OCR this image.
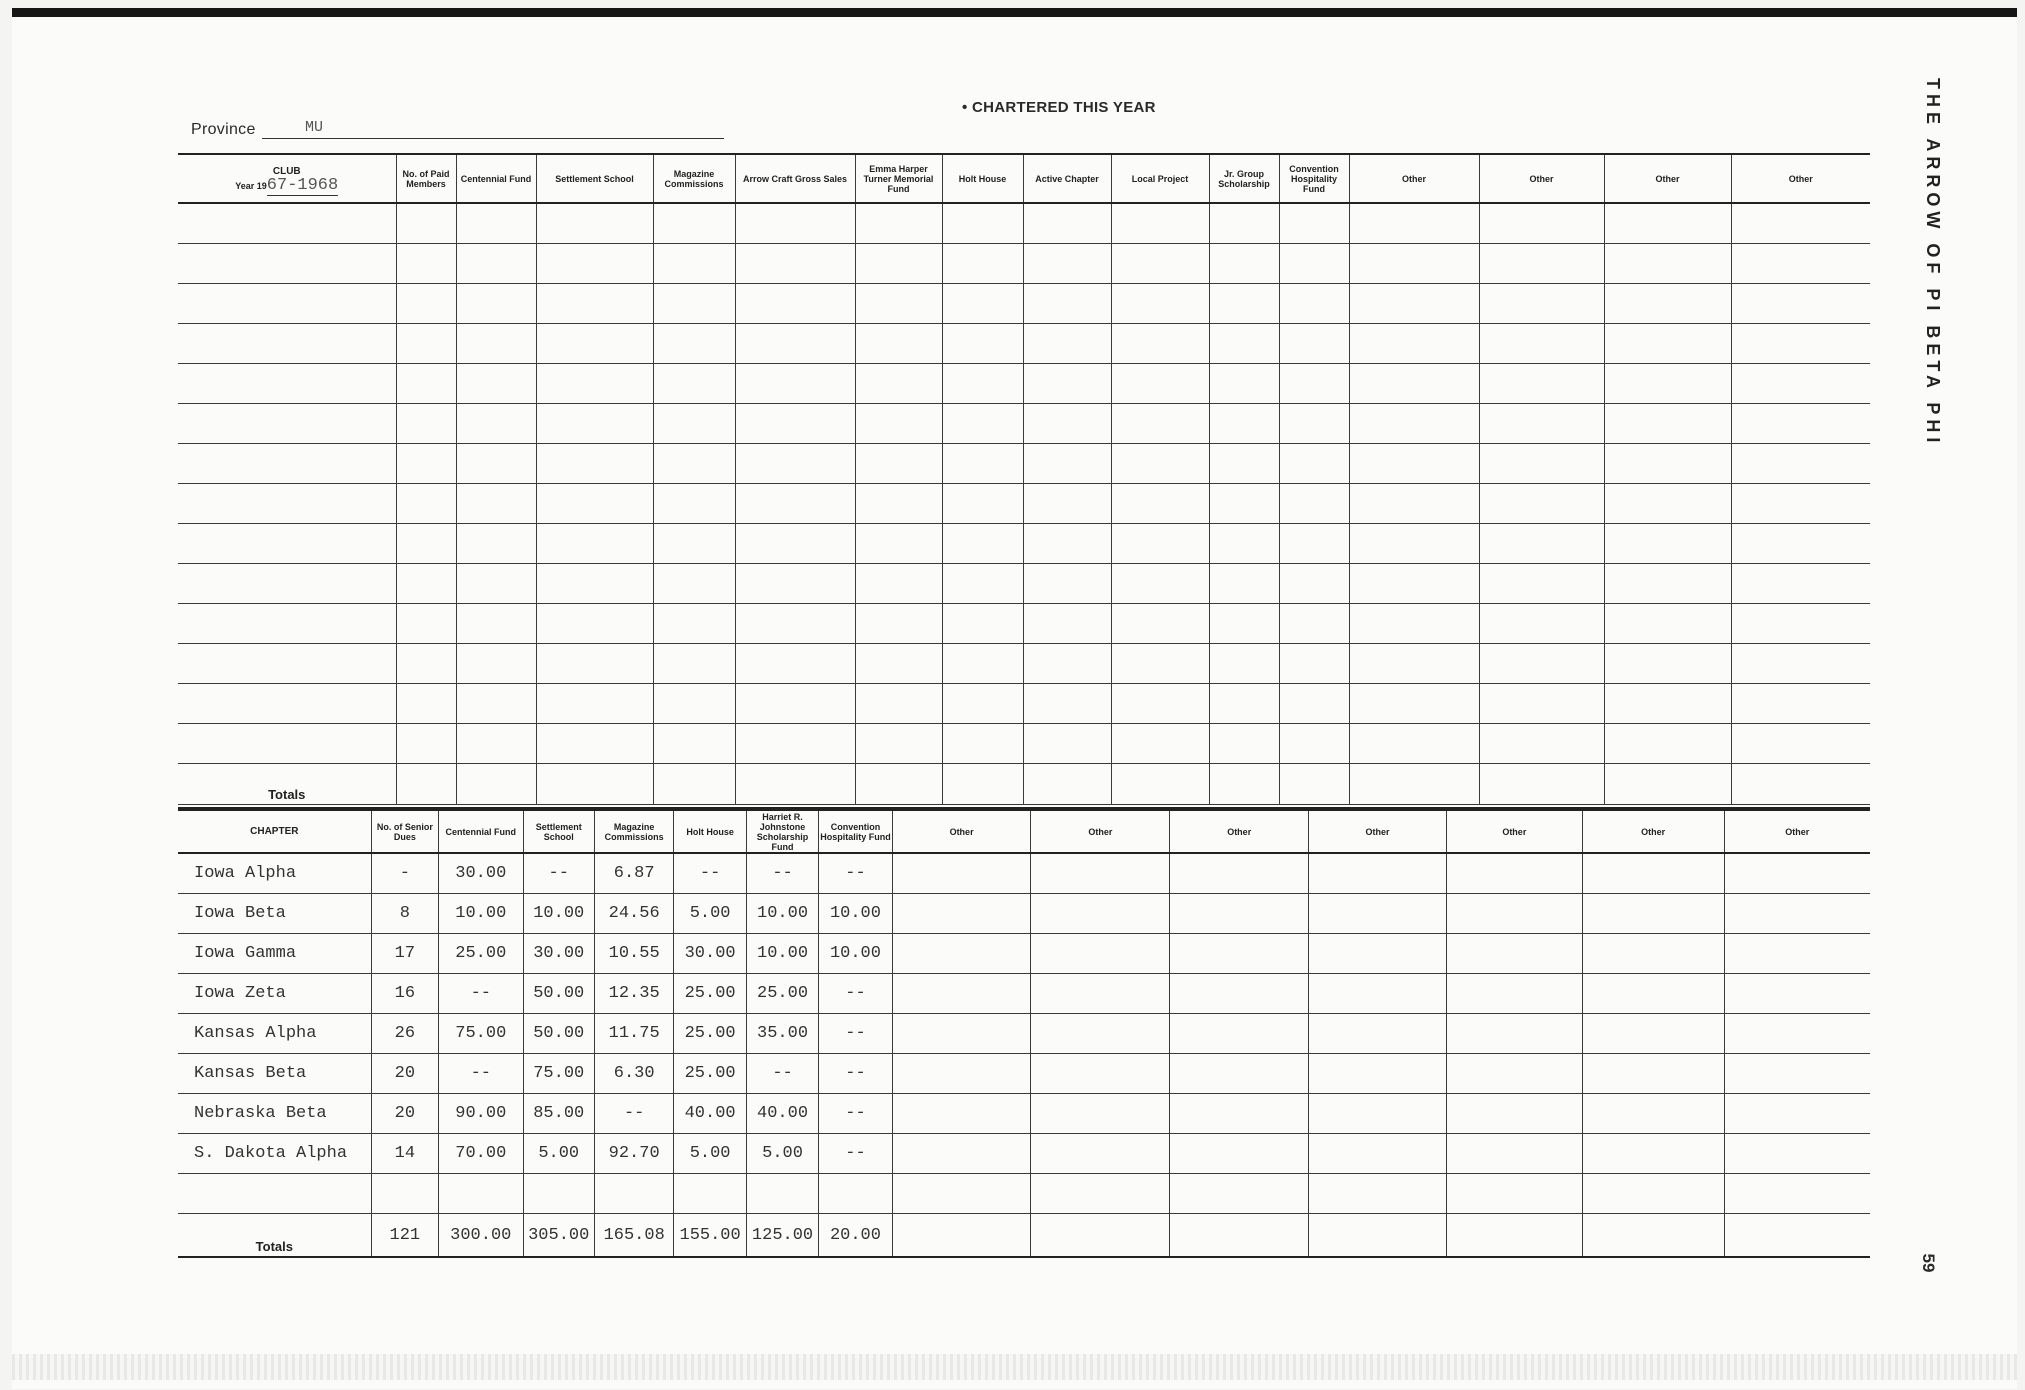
• CHARTERED THIS YEAR
Province	MU	THE ARROW OF PI BETA PHI
59
CLUB
Year 1967-1968	No. of Paid Members	Centennial Fund	Settlement School	Magazine Commissions	Arrow Craft Gross Sales	Emma Harper Turner Memorial Fund	Holt House	Active Chapter	Local Project	Jr. Group Scholarship	Convention Hospitality Fund	Other	Other	Other	Other

Totals															
CHAPTER	No. of Senior Dues	Centennial Fund	Settlement School	Magazine Commissions	Holt House	Harriet R. Johnstone Scholarship Fund	Convention Hospitality Fund	Other	Other	Other	Other	Other	Other	Other
Iowa Alpha	-	30.00	--	6.87	--	--	--							
Iowa Beta	8	10.00	10.00	24.56	5.00	10.00	10.00							
Iowa Gamma	17	25.00	30.00	10.55	30.00	10.00	10.00							
Iowa Zeta	16	--	50.00	12.35	25.00	25.00	--							
Kansas Alpha	26	75.00	50.00	11.75	25.00	35.00	--							
Kansas Beta	20	--	75.00	6.30	25.00	--	--							
Nebraska Beta	20	90.00	85.00	--	40.00	40.00	--							
S. Dakota Alpha	14	70.00	5.00	92.70	5.00	5.00	--							

Totals	121	300.00	305.00	165.08	155.00	125.00	20.00							
